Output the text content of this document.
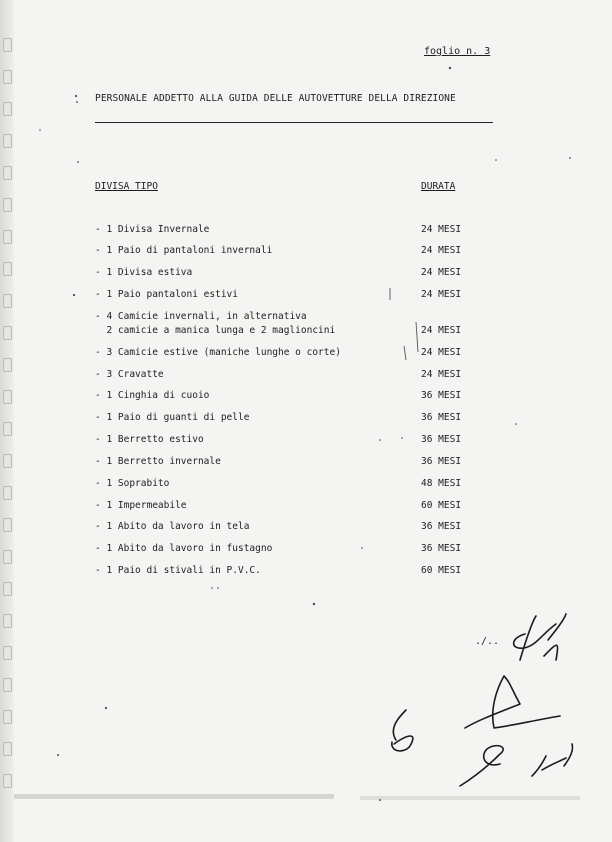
foglio n. 3
PERSONALE ADDETTO ALLA GUIDA DELLE AUTOVETTURE DELLA DIREZIONE
DIVISA TIPO	DURATA
- 1 Divisa Invernale	24 MESI
- 1 Paio di pantaloni invernali	24 MESI
- 1 Divisa estiva	24 MESI
- 1 Paio pantaloni estivi	24 MESI
- 4 Camicie invernali, in alternativa
2 camicie a manica lunga e 2 maglioncini	24 MESI
- 3 Camicie estive (maniche lunghe o corte)	24 MESI
- 3 Cravatte	24 MESI
- 1 Cinghia di cuoio	36 MESI
- 1 Paio di guanti di pelle	36 MESI
- 1 Berretto estivo	36 MESI
- 1 Berretto invernale	36 MESI
- 1 Soprabito	48 MESI
- 1 Impermeabile	60 MESI
- 1 Abito da lavoro in tela	36 MESI
- 1 Abito da lavoro in fustagno	36 MESI
- 1 Paio di stivali in P.V.C.	60 MESI
./..
